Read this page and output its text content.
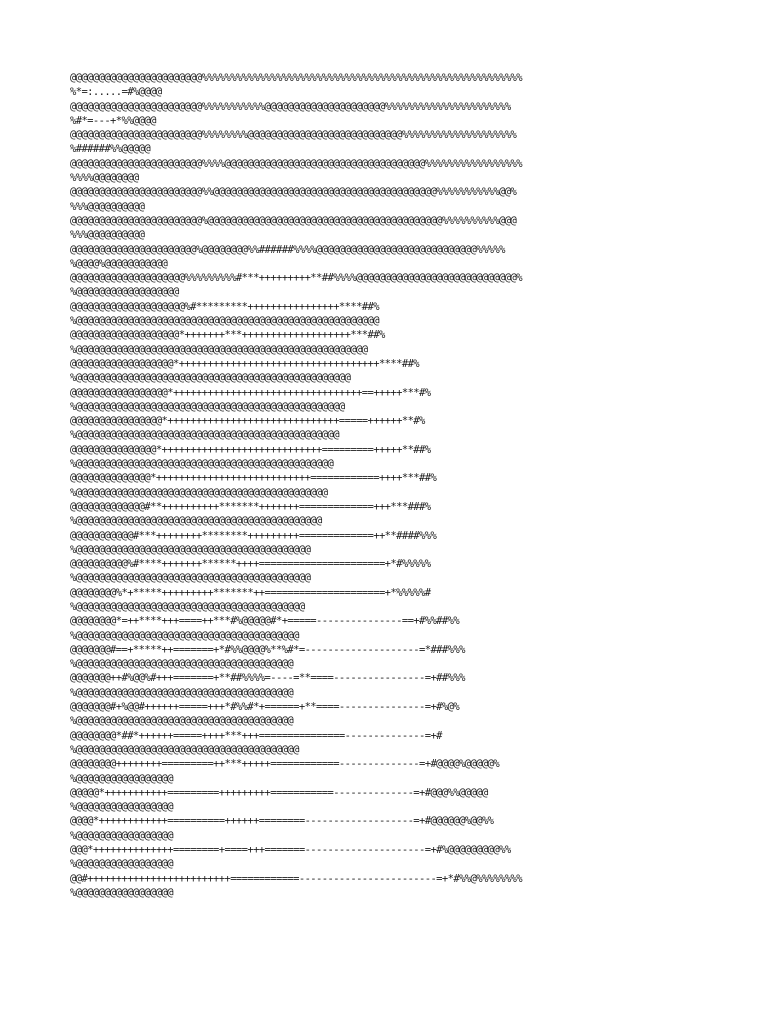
@@@@@@@@@@@@@@@@@@@@@@@%%%%%%%%%%%%%%%%%%%%%%%%%%%%%%%%%%%%%%%%%%%%%%%%%%%%%%%%
%*=:.....=#%@@@@
@@@@@@@@@@@@@@@@@@@@@@@%%%%%%%%%%%@@@@@@@@@@@@@@@@@@@@@%%%%%%%%%%%%%%%%%%%%%%
%#*=---+*%%@@@@
@@@@@@@@@@@@@@@@@@@@@@@%%%%%%%%@@@@@@@@@@@@@@@@@@@@@@@@@@@%%%%%%%%%%%%%%%%%%%%
%######%%@@@@@
@@@@@@@@@@@@@@@@@@@@@@@%%%%@@@@@@@@@@@@@@@@@@@@@@@@@@@@@@@@@@@%%%%%%%%%%%%%%%%%
%%%%@@@@@@@@
@@@@@@@@@@@@@@@@@@@@@@@%%@@@@@@@@@@@@@@@@@@@@@@@@@@@@@@@@@@@@@@@%%%%%%%%%%%@@%
%%%@@@@@@@@@@
@@@@@@@@@@@@@@@@@@@@@@@%@@@@@@@@@@@@@@@@@@@@@@@@@@@@@@@@@@@@@@@@@%%%%%%%%%%@@@
%%%@@@@@@@@@@
@@@@@@@@@@@@@@@@@@@@@@%@@@@@@@@%%######%%%%@@@@@@@@@@@@@@@@@@@@@@@@@@@@%%%%%
%@@@@%@@@@@@@@@@@
@@@@@@@@@@@@@@@@@@@@%%%%%%%%%#***+++++++++**##%%%%@@@@@@@@@@@@@@@@@@@@@@@@@@@@%
%@@@@@@@@@@@@@@@@@@
@@@@@@@@@@@@@@@@@@@@%#*********++++++++++++++++****##%
%@@@@@@@@@@@@@@@@@@@@@@@@@@@@@@@@@@@@@@@@@@@@@@@@@@@@@
@@@@@@@@@@@@@@@@@@@*+++++++***+++++++++++++++++++***##%
%@@@@@@@@@@@@@@@@@@@@@@@@@@@@@@@@@@@@@@@@@@@@@@@@@@@
@@@@@@@@@@@@@@@@@@*+++++++++++++++++++++++++++++++++++****##%
%@@@@@@@@@@@@@@@@@@@@@@@@@@@@@@@@@@@@@@@@@@@@@@@@
@@@@@@@@@@@@@@@@@*+++++++++++++++++++++++++++++++++==+++++***#%
%@@@@@@@@@@@@@@@@@@@@@@@@@@@@@@@@@@@@@@@@@@@@@@@
@@@@@@@@@@@@@@@@*++++++++++++++++++++++++++++++=====++++++**#%
%@@@@@@@@@@@@@@@@@@@@@@@@@@@@@@@@@@@@@@@@@@@@@@
@@@@@@@@@@@@@@@*++++++++++++++++++++++++++++=========+++++**##%
%@@@@@@@@@@@@@@@@@@@@@@@@@@@@@@@@@@@@@@@@@@@@@
@@@@@@@@@@@@@@*+++++++++++++++++++++++++++============++++***##%
%@@@@@@@@@@@@@@@@@@@@@@@@@@@@@@@@@@@@@@@@@@@@
@@@@@@@@@@@@@#**++++++++++*******+++++++=============+++***###%
%@@@@@@@@@@@@@@@@@@@@@@@@@@@@@@@@@@@@@@@@@@@
@@@@@@@@@@@#***++++++++********+++++++++=============++**####%%%
%@@@@@@@@@@@@@@@@@@@@@@@@@@@@@@@@@@@@@@@@@
@@@@@@@@@@%#****+++++++******++++======================+*#%%%%%
%@@@@@@@@@@@@@@@@@@@@@@@@@@@@@@@@@@@@@@@@@
@@@@@@@@%*+*****+++++++++*******++=====================+*%%%%%#
%@@@@@@@@@@@@@@@@@@@@@@@@@@@@@@@@@@@@@@@@
@@@@@@@@*=++****+++====++***#%@@@@@#*+=====---------------==+#%%##%%
%@@@@@@@@@@@@@@@@@@@@@@@@@@@@@@@@@@@@@@@
@@@@@@@#==+*****++=======+*#%%@@@@%**%#*=--------------------=*###%%%
%@@@@@@@@@@@@@@@@@@@@@@@@@@@@@@@@@@@@@@
@@@@@@@++#%@@%#+++=======+**##%%%%=----=**====----------------=+##%%%
%@@@@@@@@@@@@@@@@@@@@@@@@@@@@@@@@@@@@@@
@@@@@@@#+%@@#++++++=====+++*#%%#*+======+**====---------------=+#%@%
%@@@@@@@@@@@@@@@@@@@@@@@@@@@@@@@@@@@@@@
@@@@@@@@*##*++++++=====++++***+++===============--------------=+#
%@@@@@@@@@@@@@@@@@@@@@@@@@@@@@@@@@@@@@@@
@@@@@@@@++++++++=========++***+++++============--------------=+#@@@@%@@@@@%
%@@@@@@@@@@@@@@@@@
@@@@@*+++++++++++=========+++++++++===========--------------=+#@@@%%@@@@@
%@@@@@@@@@@@@@@@@@
@@@@*++++++++++++==========++++++========-------------------=+#@@@@@@%@@%%
%@@@@@@@@@@@@@@@@@
@@@*++++++++++++++========+====+++=======---------------------=+#%@@@@@@@@@%%
%@@@@@@@@@@@@@@@@@
@@#+++++++++++++++++++++++++============------------------------=+*#%%@%%%%%%%%
%@@@@@@@@@@@@@@@@@
